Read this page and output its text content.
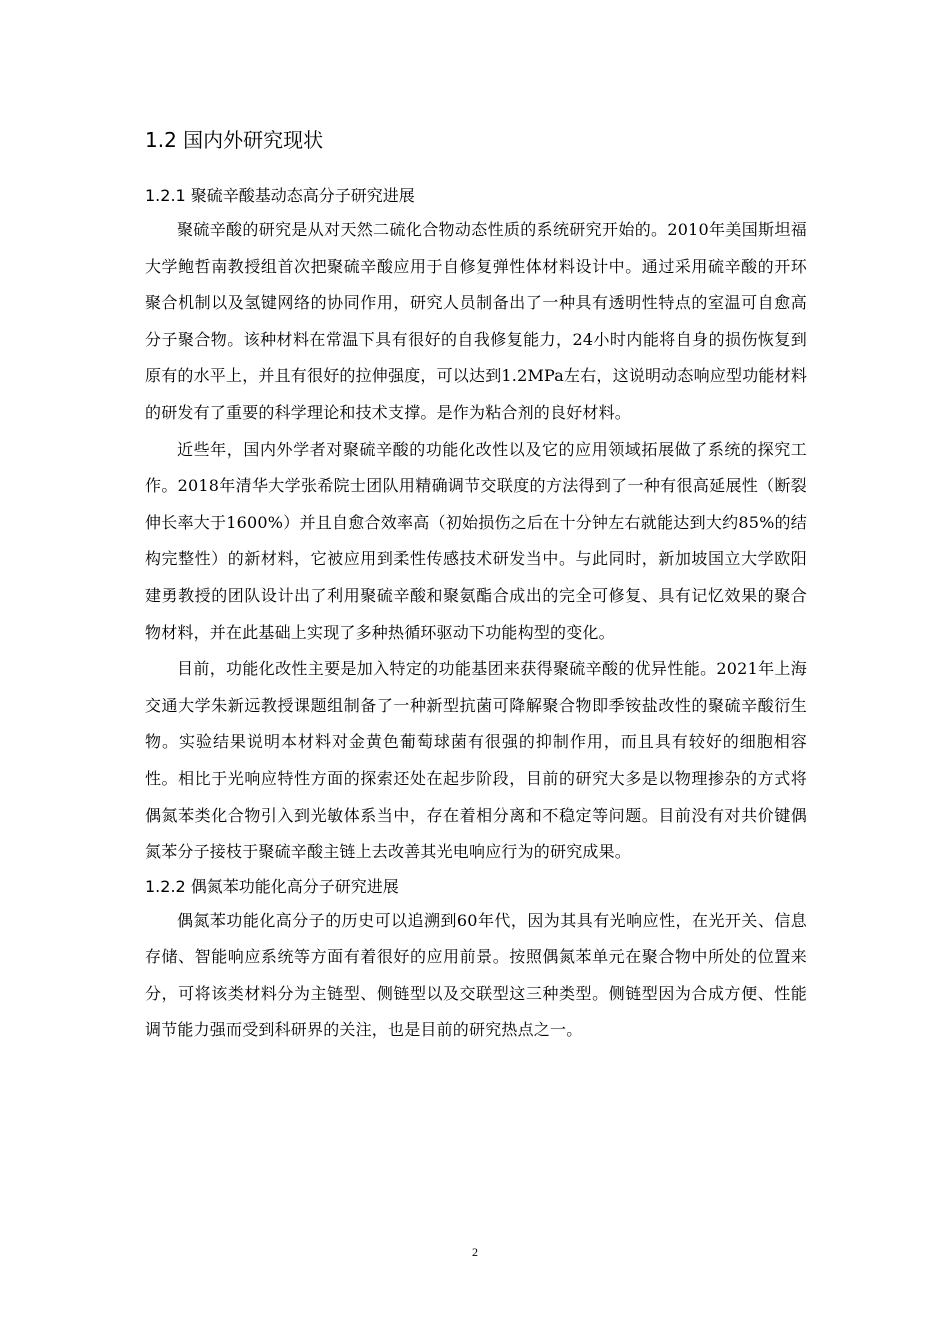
1.2 国内外研究现状
1.2.1 聚硫辛酸基动态高分子研究进展

聚硫辛酸的研究是从对天然二硫化合物动态性质的系统研究开始的。2010年美国斯坦福大学鲍哲南教授组首次把聚硫辛酸应用于自修复弹性体材料设计中。通过采用硫辛酸的开环聚合机制以及氢键网络的协同作用，研究人员制备出了一种具有透明性特点的室温可自愈高分子聚合物。该种材料在常温下具有很好的自我修复能力，24小时内能将自身的损伤恢复到原有的水平上，并且有很好的拉伸强度，可以达到1.2MPa左右，这说明动态响应型功能材料的研发有了重要的科学理论和技术支撑。是作为粘合剂的良好材料。

近些年，国内外学者对聚硫辛酸的功能化改性以及它的应用领域拓展做了系统的探究工作。2018年清华大学张希院士团队用精确调节交联度的方法得到了一种有很高延展性（断裂伸长率大于1600%）并且自愈合效率高（初始损伤之后在十分钟左右就能达到大约85%的结构完整性）的新材料，它被应用到柔性传感技术研发当中。与此同时，新加坡国立大学欧阳建勇教授的团队设计出了利用聚硫辛酸和聚氨酯合成出的完全可修复、具有记忆效果的聚合物材料，并在此基础上实现了多种热循环驱动下功能构型的变化。

目前，功能化改性主要是加入特定的功能基团来获得聚硫辛酸的优异性能。2021年上海交通大学朱新远教授课题组制备了一种新型抗菌可降解聚合物即季铵盐改性的聚硫辛酸衍生物。实验结果说明本材料对金黄色葡萄球菌有很强的抑制作用，而且具有较好的细胞相容性。相比于光响应特性方面的探索还处在起步阶段，目前的研究大多是以物理掺杂的方式将偶氮苯类化合物引入到光敏体系当中，存在着相分离和不稳定等问题。目前没有对共价键偶氮苯分子接枝于聚硫辛酸主链上去改善其光电响应行为的研究成果。

1.2.2 偶氮苯功能化高分子研究进展

偶氮苯功能化高分子的历史可以追溯到60年代，因为其具有光响应性，在光开关、信息存储、智能响应系统等方面有着很好的应用前景。按照偶氮苯单元在聚合物中所处的位置来分，可将该类材料分为主链型、侧链型以及交联型这三种类型。侧链型因为合成方便、性能调节能力强而受到科研界的关注，也是目前的研究热点之一。

2
